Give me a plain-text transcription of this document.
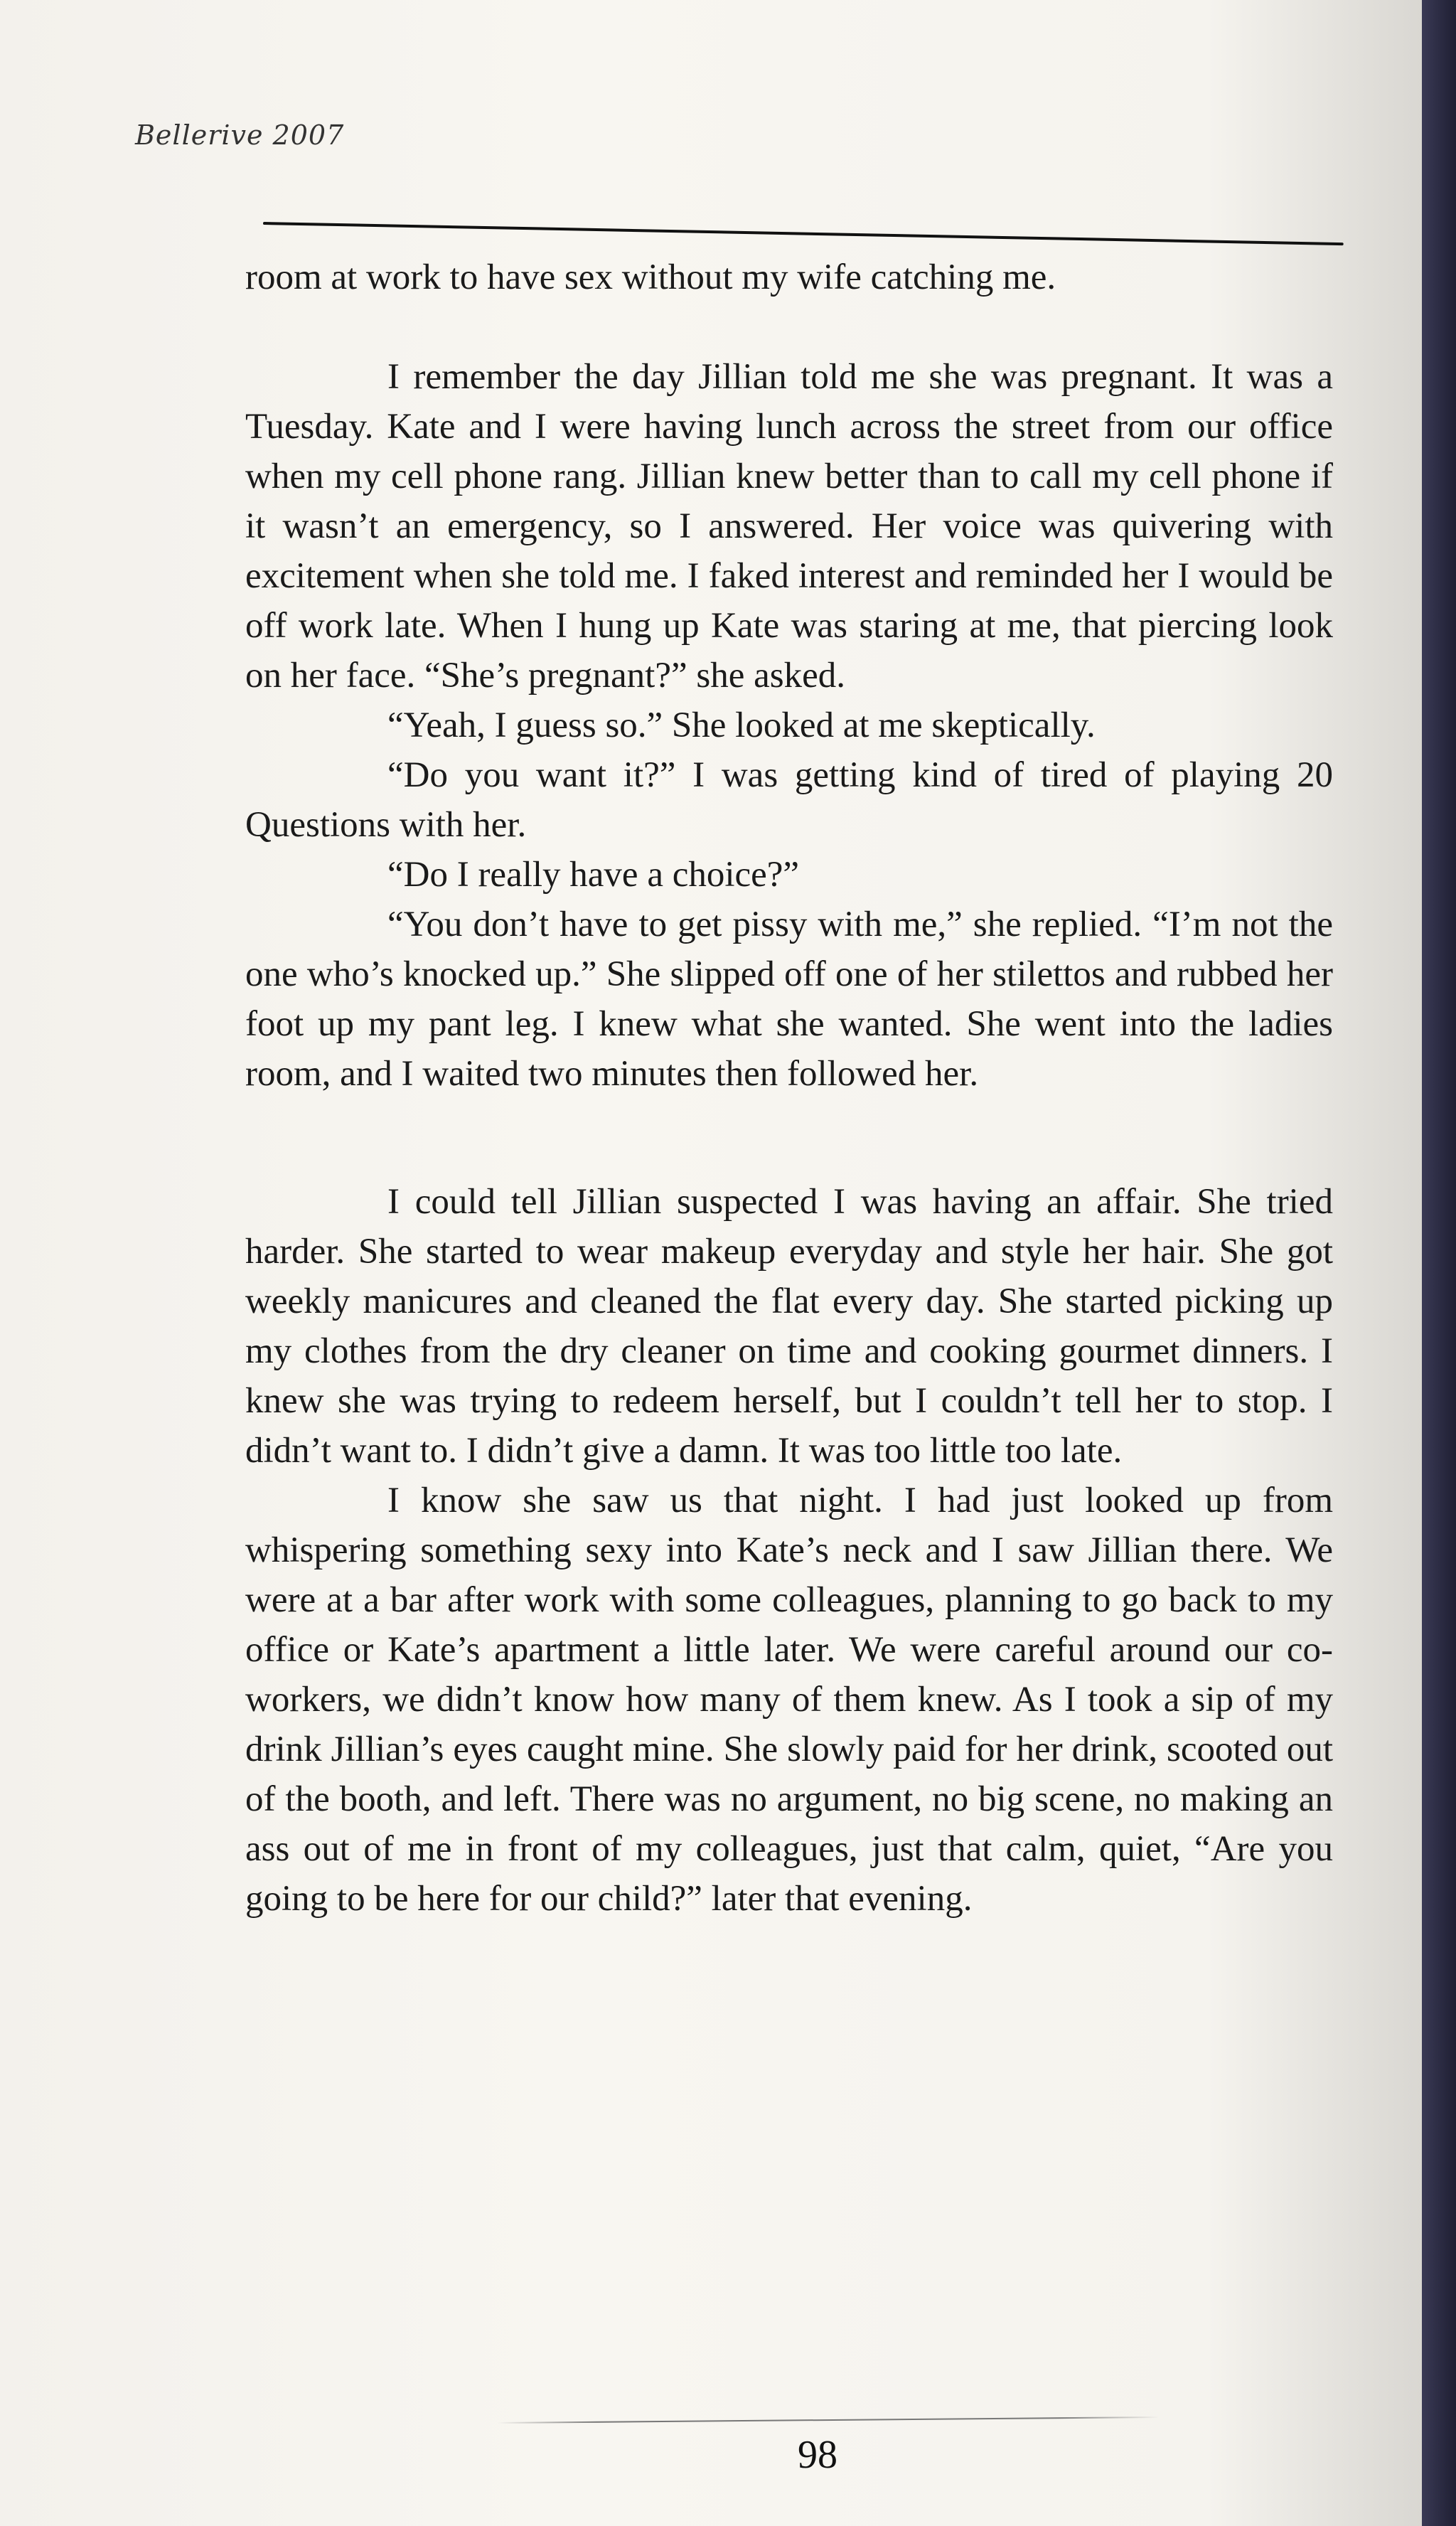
Bellerive 2007

room at work to have sex without my wife catching me.

I remember the day Jillian told me she was pregnant. It was a Tuesday. Kate and I were having lunch across the street from our office when my cell phone rang. Jillian knew better than to call my cell phone if it wasn’t an emergency, so I answered. Her voice was quivering with excitement when she told me. I faked interest and reminded her I would be off work late. When I hung up Kate was staring at me, that piercing look on her face. “She’s pregnant?” she asked.

“Yeah, I guess so.” She looked at me skeptically.

“Do you want it?” I was getting kind of tired of playing 20 Questions with her.

“Do I really have a choice?”

“You don’t have to get pissy with me,” she replied. “I’m not the one who’s knocked up.” She slipped off one of her stilettos and rubbed her foot up my pant leg. I knew what she wanted. She went into the ladies room, and I waited two minutes then followed her.

I could tell Jillian suspected I was having an affair. She tried harder. She started to wear makeup everyday and style her hair. She got weekly manicures and cleaned the flat every day. She started picking up my clothes from the dry cleaner on time and cooking gourmet dinners. I knew she was trying to redeem herself, but I couldn’t tell her to stop. I didn’t want to. I didn’t give a damn. It was too little too late.

I know she saw us that night. I had just looked up from whispering something sexy into Kate’s neck and I saw Jillian there. We were at a bar after work with some colleagues, planning to go back to my office or Kate’s apartment a little later. We were careful around our co-workers, we didn’t know how many of them knew. As I took a sip of my drink Jillian’s eyes caught mine. She slowly paid for her drink, scooted out of the booth, and left. There was no argument, no big scene, no making an ass out of me in front of my colleagues, just that calm, quiet, “Are you going to be here for our child?” later that evening.

98
